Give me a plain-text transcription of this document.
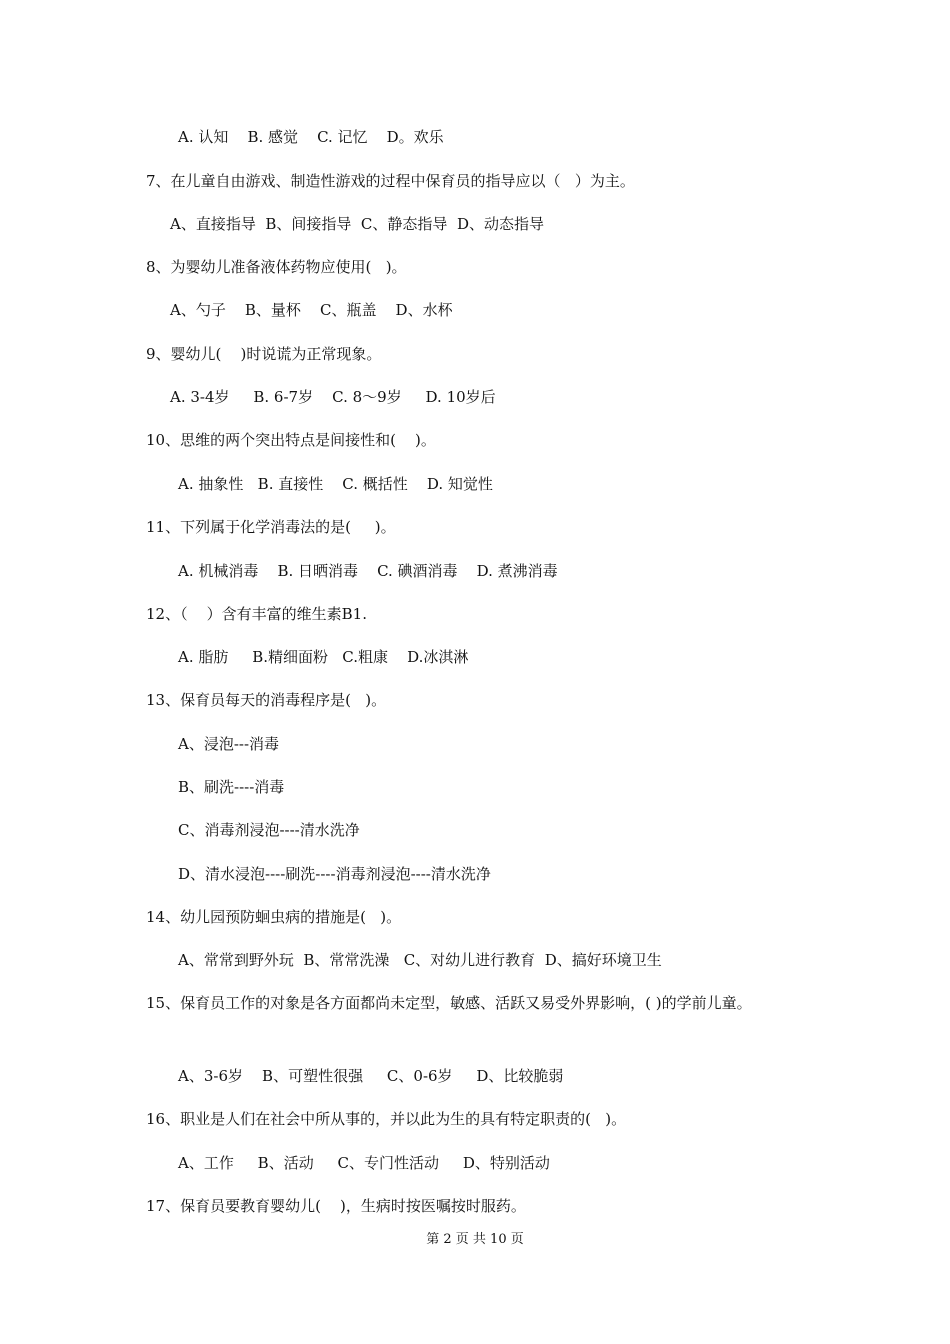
A. 认知    B. 感觉    C. 记忆    D。欢乐
7、在儿童自由游戏、制造性游戏的过程中保育员的指导应以（   ）为主。
A、直接指导  B、间接指导  C、静态指导  D、动态指导
8、为婴幼儿准备液体药物应使用(   )。
A、勺子    B、量杯    C、瓶盖    D、水杯
9、婴幼儿(    )时说谎为正常现象。
A. 3-4岁     B. 6-7岁    C. 8～9岁     D. 10岁后
10、思维的两个突出特点是间接性和(    )。
A. 抽象性   B. 直接性    C. 概括性    D. 知觉性
11、下列属于化学消毒法的是(     )。
A. 机械消毒    B. 日晒消毒    C. 碘酒消毒    D. 煮沸消毒
12、（    ）含有丰富的维生素B1.
A. 脂肪     B.精细面粉   C.粗康    D.冰淇淋
13、保育员每天的消毒程序是(   )。
A、浸泡---消毒
B、刷洗----消毒
C、消毒剂浸泡----清水洗净
D、清水浸泡----刷洗----消毒剂浸泡----清水洗净
14、幼儿园预防蛔虫病的措施是(   )。
A、常常到野外玩  B、常常洗澡   C、对幼儿进行教育  D、搞好环境卫生
15、保育员工作的对象是各方面都尚未定型，敏感、活跃又易受外界影响，( )的学前儿童。
A、3-6岁    B、可塑性很强     C、0-6岁     D、比较脆弱
16、职业是人们在社会中所从事的，并以此为生的具有特定职责的(   )。
A、工作     B、活动     C、专门性活动     D、特别活动
17、保育员要教育婴幼儿(    )，生病时按医嘱按时服药。
第 2 页 共 10 页
